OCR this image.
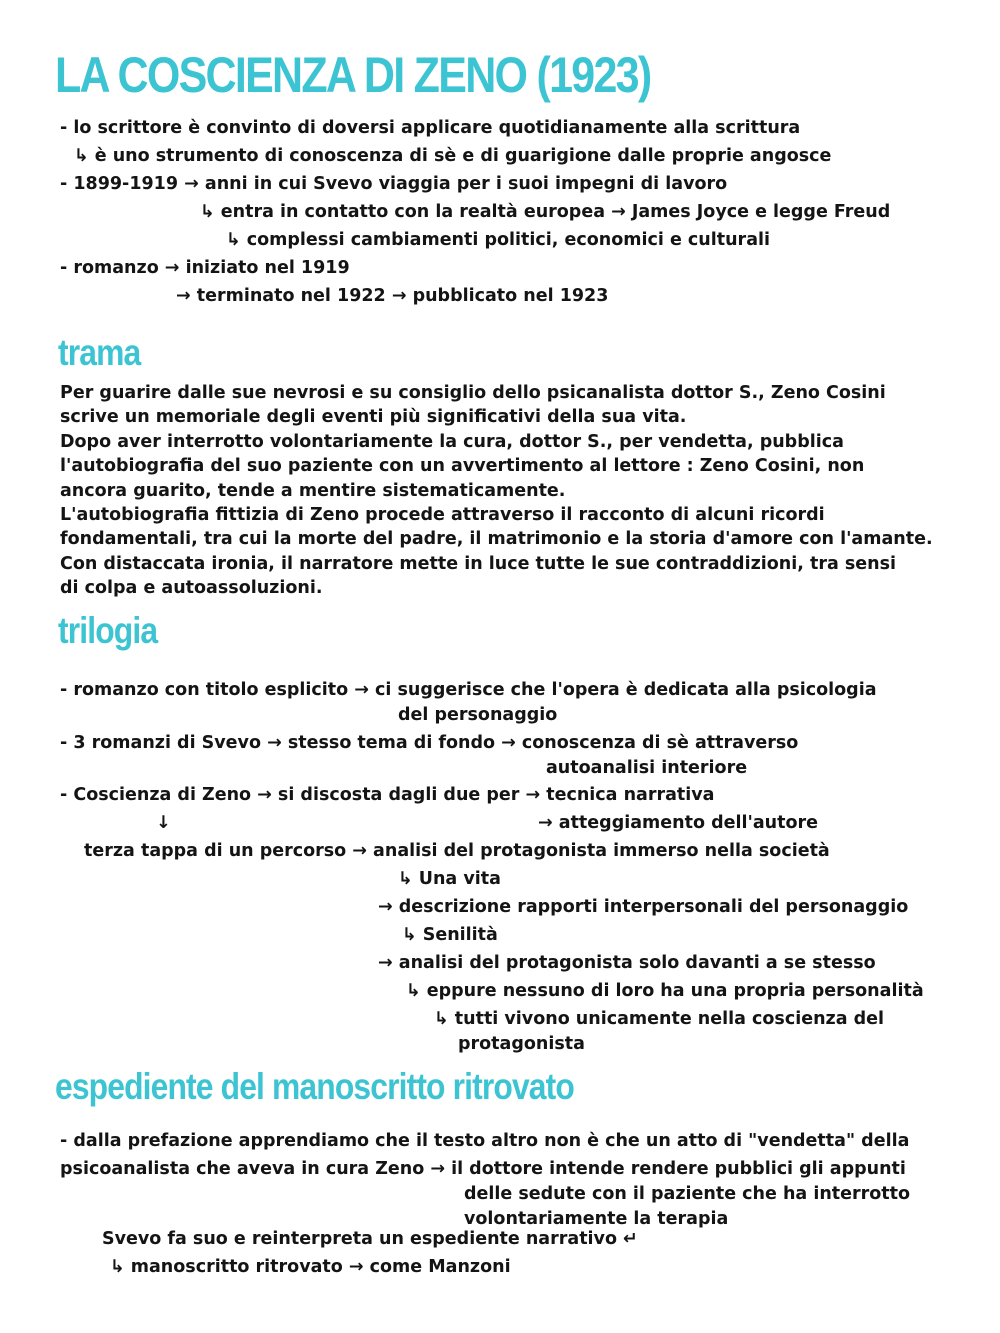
LA COSCIENZA DI ZENO (1923)
- lo scrittore è convinto di doversi applicare quotidianamente alla scrittura
↳ è uno strumento di conoscenza di sè e di guarigione dalle proprie angosce
- 1899-1919 → anni in cui Svevo viaggia per i suoi impegni di lavoro
↳ entra in contatto con la realtà europea → James Joyce e legge Freud
↳ complessi cambiamenti politici, economici e culturali
- romanzo → iniziato nel 1919
→ terminato nel 1922 → pubblicato nel 1923
trama
Per guarire dalle sue nevrosi e su consiglio dello psicanalista dottor S., Zeno Cosini
scrive un memoriale degli eventi più significativi della sua vita.
Dopo aver interrotto volontariamente la cura, dottor S., per vendetta, pubblica
l'autobiografia del suo paziente con un avvertimento al lettore : Zeno Cosini, non
ancora guarito, tende a mentire sistematicamente.
L'autobiografia fittizia di Zeno procede attraverso il racconto di alcuni ricordi
fondamentali, tra cui la morte del padre, il matrimonio e la storia d'amore con l'amante.
Con distaccata ironia, il narratore mette in luce tutte le sue contraddizioni, tra sensi
di colpa e autoassoluzioni.
trilogia
- romanzo con titolo esplicito → ci suggerisce che l'opera è dedicata alla psicologia
del personaggio
- 3 romanzi di Svevo → stesso tema di fondo → conoscenza di sè attraverso
autoanalisi interiore
- Coscienza di Zeno → si discosta dagli due per → tecnica narrativa
↓	→ atteggiamento dell'autore
terza tappa di un percorso → analisi del protagonista immerso nella società
↳ Una vita
→ descrizione rapporti interpersonali del personaggio
↳ Senilità
→ analisi del protagonista solo davanti a se stesso
↳ eppure nessuno di loro ha una propria personalità
↳ tutti vivono unicamente nella coscienza del
protagonista
espediente del manoscritto ritrovato
- dalla prefazione apprendiamo che il testo altro non è che un atto di "vendetta" della
psicoanalista che aveva in cura Zeno → il dottore intende rendere pubblici gli appunti
delle sedute con il paziente che ha interrotto
volontariamente la terapia
Svevo fa suo e reinterpreta un espediente narrativo ↵
↳ manoscritto ritrovato → come Manzoni
